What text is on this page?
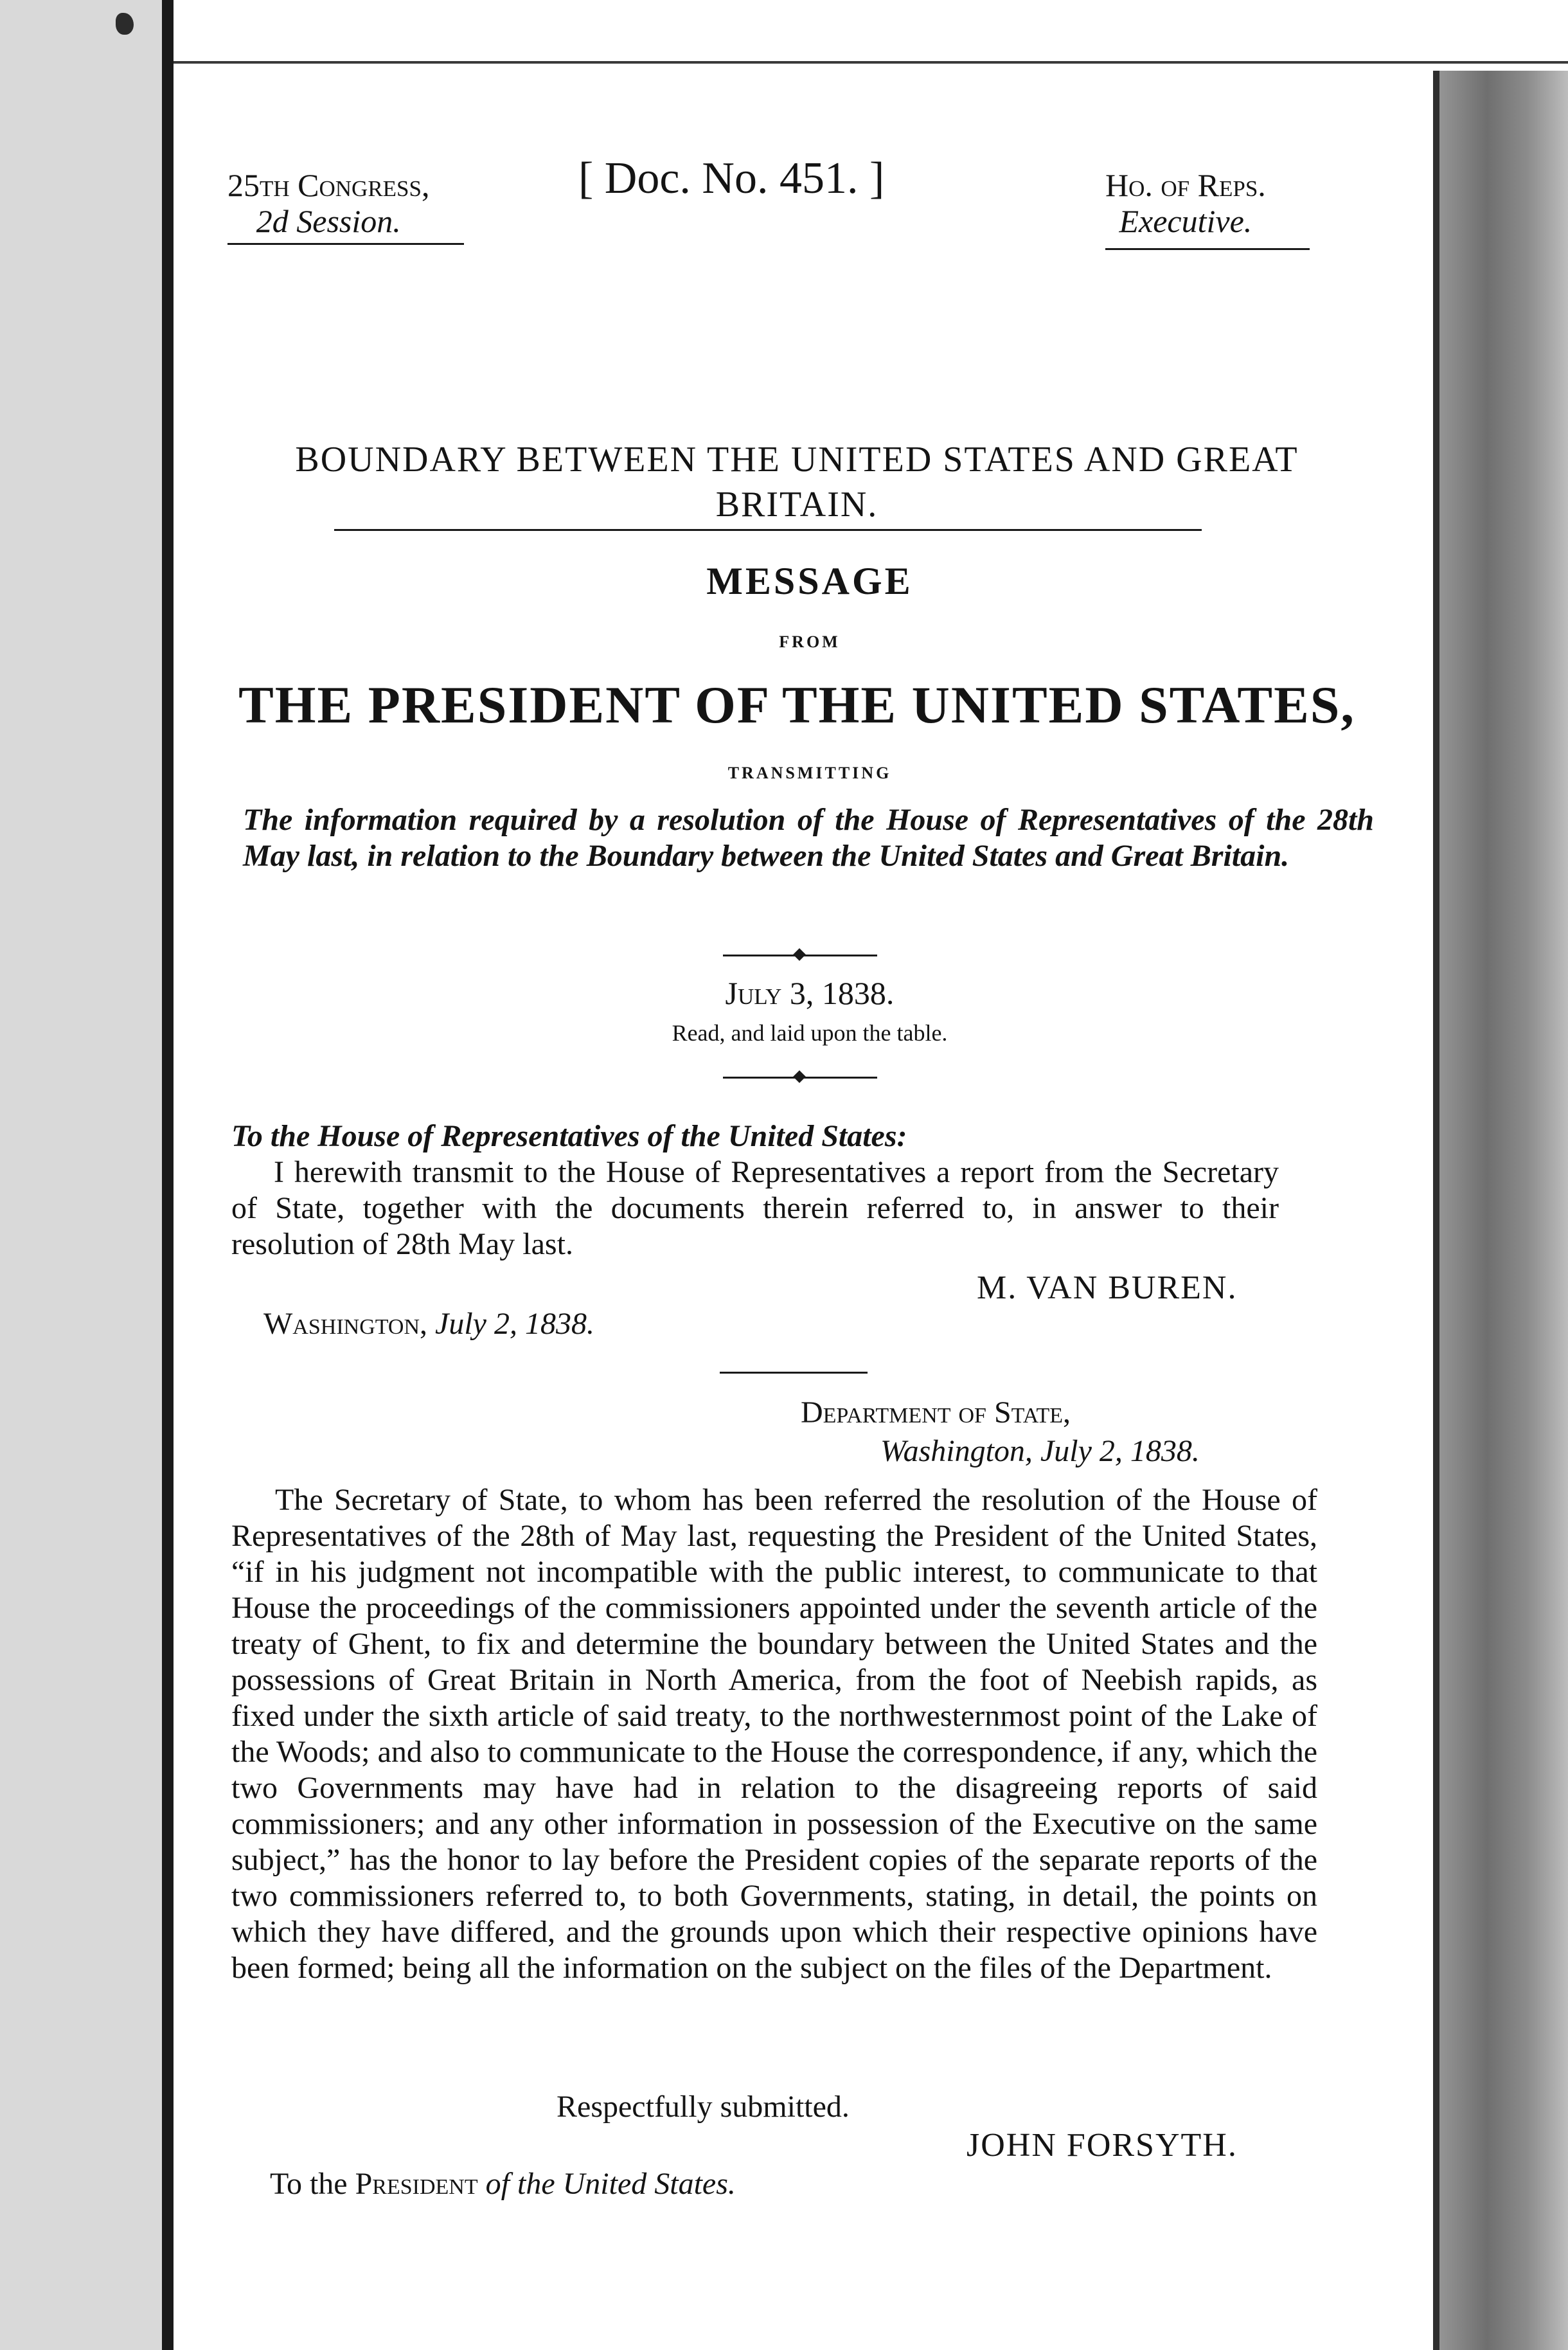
25th Congress,
2d Session.
[ Doc. No. 451. ]	Ho. of Reps.
Executive.
BOUNDARY BETWEEN THE UNITED STATES AND GREAT
BRITAIN.
MESSAGE
FROM
THE PRESIDENT OF THE UNITED STATES,
TRANSMITTING
The information required by a resolution of the House of Representatives of the 28th May last, in relation to the Boundary between the United States and Great Britain.
July 3, 1838.
Read, and laid upon the table.
To the House of Representatives of the United States:
I herewith transmit to the House of Representatives a report from the Secretary of State, together with the documents therein referred to, in answer to their resolution of 28th May last.
M. VAN BUREN.
Washington, July 2, 1838.
Department of State,
Washington, July 2, 1838.
The Secretary of State, to whom has been referred the resolution of the House of Representatives of the 28th of May last, requesting the President of the United States, “if in his judgment not incompatible with the public interest, to communicate to that House the proceedings of the commissioners appointed under the seventh article of the treaty of Ghent, to fix and determine the boundary between the United States and the possessions of Great Britain in North America, from the foot of Neebish rapids, as fixed under the sixth article of said treaty, to the northwesternmost point of the Lake of the Woods; and also to communicate to the House the correspondence, if any, which the two Governments may have had in relation to the disagreeing reports of said commissioners; and any other information in possession of the Executive on the same subject,” has the honor to lay before the President copies of the separate reports of the two commissioners referred to, to both Governments, stating, in detail, the points on which they have differed, and the grounds upon which their respective opinions have been formed; being all the information on the subject on the files of the Department.
Respectfully submitted.
JOHN FORSYTH.
To the President of the United States.
